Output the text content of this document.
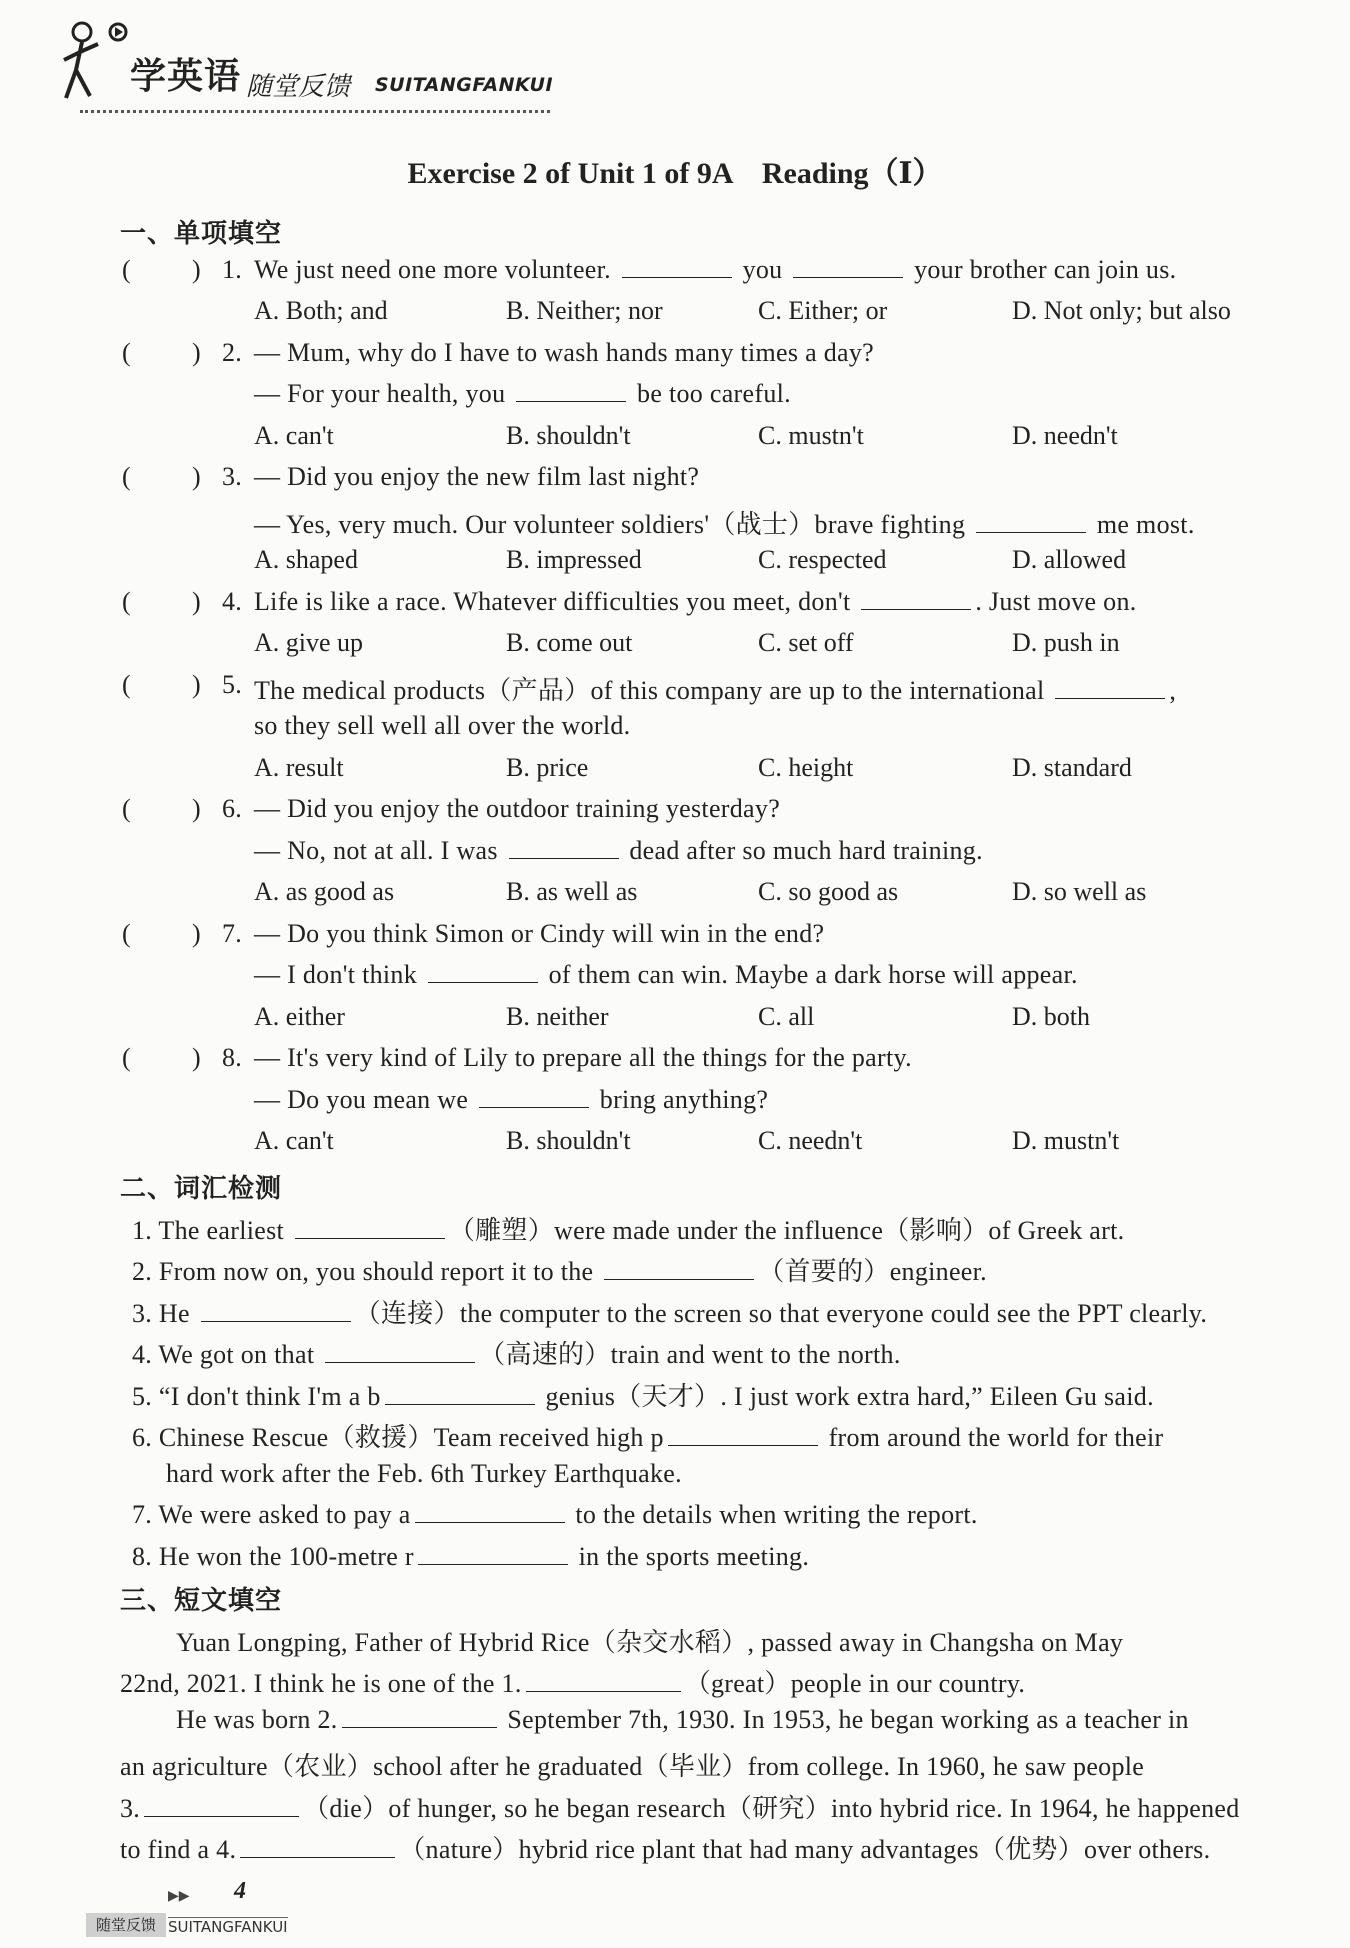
学英语 随堂反馈 SUITANGFANKUI
Exercise 2 of Unit 1 of 9A　Reading（Ⅰ）
一、单项填空
( ) 1. We just need one more volunteer.	you	your brother can join us.
A. Both; and	B. Neither; nor	C. Either; or	D. Not only; but also
( ) 2. — Mum, why do I have to wash hands many times a day?
— For your health, you	be too careful.
A. can't	B. shouldn't	C. mustn't	D. needn't
( ) 3. — Did you enjoy the new film last night?
— Yes, very much. Our volunteer soldiers'（战士）brave fighting	me most.
A. shaped	B. impressed	C. respected	D. allowed
( ) 4. Life is like a race. Whatever difficulties you meet, don't	. Just move on.
A. give up	B. come out	C. set off	D. push in
( ) 5. The medical products（产品）of this company are up to the international	,
so they sell well all over the world.
A. result	B. price	C. height	D. standard
( ) 6. — Did you enjoy the outdoor training yesterday?
— No, not at all. I was	dead after so much hard training.
A. as good as	B. as well as	C. so good as	D. so well as
( ) 7. — Do you think Simon or Cindy will win in the end?
— I don't think	of them can win. Maybe a dark horse will appear.
A. either	B. neither	C. all	D. both
( ) 8. — It's very kind of Lily to prepare all the things for the party.
— Do you mean we	bring anything?
A. can't	B. shouldn't	C. needn't	D. mustn't
二、词汇检测
1. The earliest	（雕塑）were made under the influence（影响）of Greek art.
2. From now on, you should report it to the	（首要的）engineer.
3. He	（连接）the computer to the screen so that everyone could see the PPT clearly.
4. We got on that	（高速的）train and went to the north.
5. “I don't think I'm a b	genius（天才）. I just work extra hard,” Eileen Gu said.
6. Chinese Rescue（救援）Team received high p	from around the world for their
hard work after the Feb. 6th Turkey Earthquake.
7. We were asked to pay a	to the details when writing the report.
8. He won the 100-metre r	in the sports meeting.
三、短文填空
Yuan Longping, Father of Hybrid Rice（杂交水稻）, passed away in Changsha on May
22nd, 2021. I think he is one of the 1.	（great）people in our country.
He was born 2.	September 7th, 1930. In 1953, he began working as a teacher in
an agriculture（农业）school after he graduated（毕业）from college. In 1960, he saw people
3.	（die）of hunger, so he began research（研究）into hybrid rice. In 1964, he happened
to find a 4.	（nature）hybrid rice plant that had many advantages（优势）over others.
▶▶ 4
随堂反馈 SUITANGFANKUI
